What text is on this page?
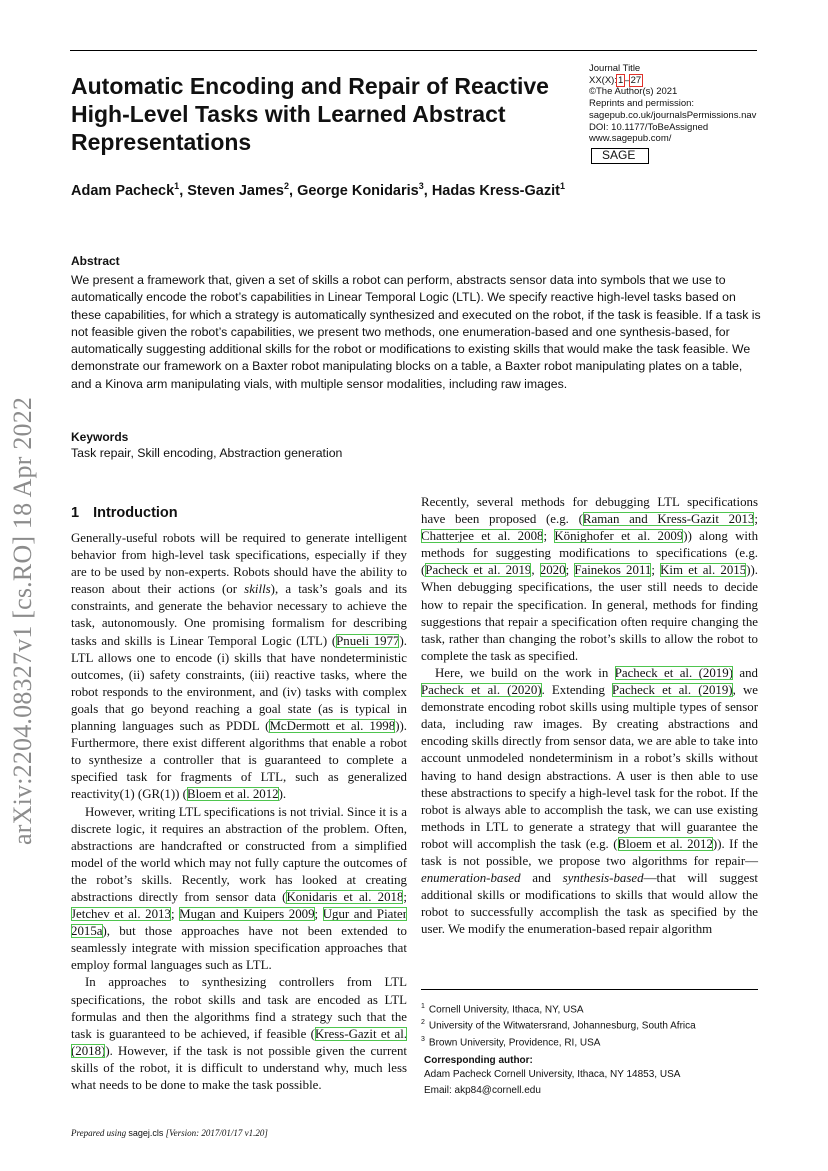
Automatic Encoding and Repair of Reactive High-Level Tasks with Learned Abstract Representations
Journal Title
XX(X):1–27
©The Author(s) 2021
Reprints and permission:
sagepub.co.uk/journalsPermissions.nav
DOI: 10.1177/ToBeAssigned
www.sagepub.com/
SAGE
Adam Pacheck$^1$, Steven James$^2$, George Konidaris$^3$, Hadas Kress-Gazit$^1$
Abstract

We present a framework that, given a set of skills a robot can perform, abstracts sensor data into symbols that we use to automatically encode the robot’s capabilities in Linear Temporal Logic (LTL). We specify reactive high-level tasks based on these capabilities, for which a strategy is automatically synthesized and executed on the robot, if the task is feasible. If a task is not feasible given the robot’s capabilities, we present two methods, one enumeration-based and one synthesis-based, for automatically suggesting additional skills for the robot or modifications to existing skills that would make the task feasible. We demonstrate our framework on a Baxter robot manipulating blocks on a table, a Baxter robot manipulating plates on a table, and a Kinova arm manipulating vials, with multiple sensor modalities, including raw images.

Keywords
Task repair, Skill encoding, Abstraction generation
arXiv:2204.08327v1 [cs.RO] 18 Apr 2022 1 Introduction

Generally-useful robots will be required to generate intelligent behavior from high-level task specifications, especially if they are to be used by non-experts. Robots should have the ability to reason about their actions (or skills), a task’s goals and its constraints, and generate the behavior necessary to achieve the task, autonomously. One promising formalism for describing tasks and skills is Linear Temporal Logic (LTL) (Pnueli 1977). LTL allows one to encode (i) skills that have nondeterministic outcomes, (ii) safety constraints, (iii) reactive tasks, where the robot responds to the environment, and (iv) tasks with complex goals that go beyond reaching a goal state (as is typical in planning languages such as PDDL (McDermott et al. 1998)). Furthermore, there exist different algorithms that enable a robot to synthesize a controller that is guaranteed to complete a specified task for fragments of LTL, such as generalized reactivity(1) (GR(1)) (Bloem et al. 2012).

However, writing LTL specifications is not trivial. Since it is a discrete logic, it requires an abstraction of the problem. Often, abstractions are handcrafted or constructed from a simplified model of the world which may not fully capture the outcomes of the robot’s skills. Recently, work has looked at creating abstractions directly from sensor data (Konidaris et al. 2018; Jetchev et al. 2013; Mugan and Kuipers 2009; Ugur and Piater 2015a), but those approaches have not been extended to seamlessly integrate with mission specification approaches that employ formal languages such as LTL.

In approaches to synthesizing controllers from LTL specifications, the robot skills and task are encoded as LTL formulas and then the algorithms find a strategy such that the task is guaranteed to be achieved, if feasible (Kress-Gazit et al. (2018)). However, if the task is not possible given the current skills of the robot, it is difficult to understand why, much less what needs to be done to make the task possible.

Recently, several methods for debugging LTL specifications have been proposed (e.g. (Raman and Kress-Gazit 2013; Chatterjee et al. 2008; Könighofer et al. 2009)) along with methods for suggesting modifications to specifications (e.g. (Pacheck et al. 2019, 2020; Fainekos 2011; Kim et al. 2015)). When debugging specifications, the user still needs to decide how to repair the specification. In general, methods for finding suggestions that repair a specification often require changing the task, rather than changing the robot’s skills to allow the robot to complete the task as specified.

Here, we build on the work in Pacheck et al. (2019) and Pacheck et al. (2020). Extending Pacheck et al. (2019), we demonstrate encoding robot skills using multiple types of sensor data, including raw images. By creating abstractions and encoding skills directly from sensor data, we are able to take into account unmodeled nondeterminism in a robot’s skills without having to hand design abstractions. A user is then able to use these abstractions to specify a high-level task for the robot. If the robot is always able to accomplish the task, we can use existing methods in LTL to generate a strategy that will guarantee the robot will accomplish the task (e.g. (Bloem et al. 2012)). If the task is not possible, we propose two algorithms for repair—enumeration-based and synthesis-based—that will suggest additional skills or modifications to skills that would allow the robot to successfully accomplish the task as specified by the user. We modify the enumeration-based repair algorithm

$^1$ Cornell University, Ithaca, NY, USA
$^2$ University of the Witwatersrand, Johannesburg, South Africa
$^3$ Brown University, Providence, RI, USA
Corresponding author:
Adam Pacheck Cornell University, Ithaca, NY 14853, USA
Email: akp84@cornell.edu
Prepared using sagej.cls [Version: 2017/01/17 v1.20]
